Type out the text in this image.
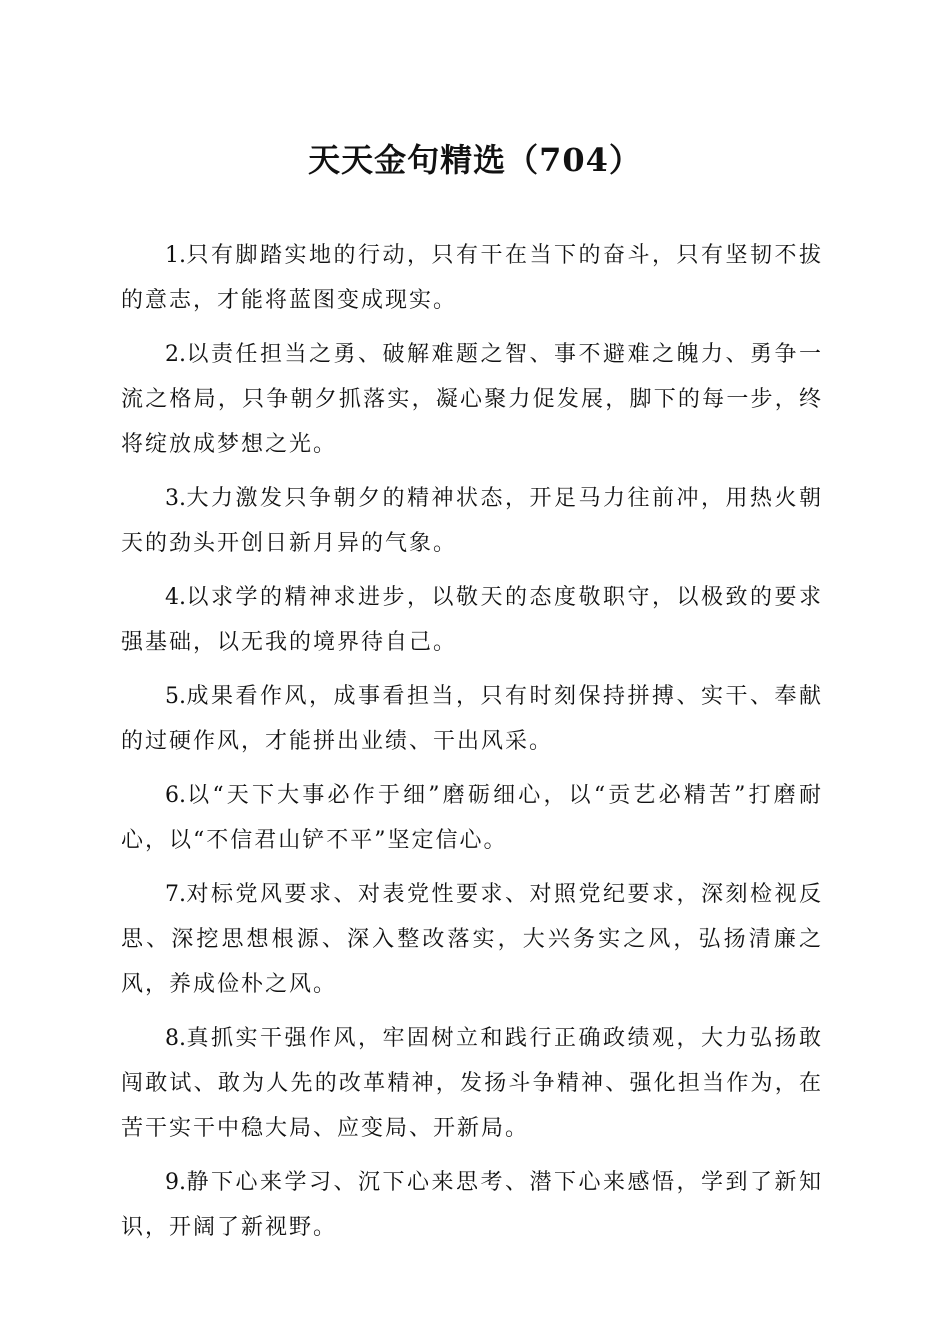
天天金句精选（704）

1.只有脚踏实地的行动，只有干在当下的奋斗，只有坚韧不拔的意志，才能将蓝图变成现实。

2.以责任担当之勇、破解难题之智、事不避难之魄力、勇争一流之格局，只争朝夕抓落实，凝心聚力促发展，脚下的每一步，终将绽放成梦想之光。

3.大力激发只争朝夕的精神状态，开足马力往前冲，用热火朝天的劲头开创日新月异的气象。

4.以求学的精神求进步，以敬天的态度敬职守，以极致的要求强基础，以无我的境界待自己。

5.成果看作风，成事看担当，只有时刻保持拼搏、实干、奉献的过硬作风，才能拼出业绩、干出风采。

6.以“天下大事必作于细”磨砺细心，以“贡艺必精苦”打磨耐心，以“不信君山铲不平”坚定信心。

7.对标党风要求、对表党性要求、对照党纪要求，深刻检视反思、深挖思想根源、深入整改落实，大兴务实之风，弘扬清廉之风，养成俭朴之风。

8.真抓实干强作风，牢固树立和践行正确政绩观，大力弘扬敢闯敢试、敢为人先的改革精神，发扬斗争精神、强化担当作为，在苦干实干中稳大局、应变局、开新局。

9.静下心来学习、沉下心来思考、潜下心来感悟，学到了新知识，开阔了新视野。
